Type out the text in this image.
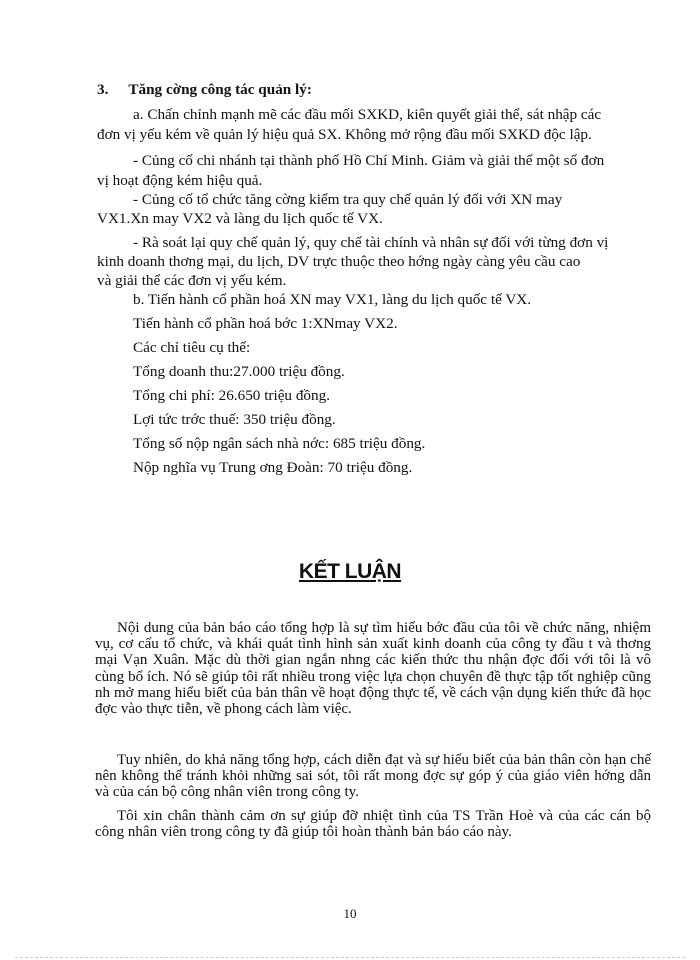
3. Tăng cờng công tác quản lý:
a. Chấn chỉnh mạnh mẽ các đầu mối SXKD, kiên quyết giải thể, sát nhập các
đơn vị yếu kém về quản lý hiệu quả SX. Không mở rộng đầu mối SXKD độc lập.
- Củng cố chi nhánh tại thành phố Hồ Chí Minh. Giảm và giải thể một số đơn
vị hoạt động kém hiệu quả.
- Củng cố tổ chức tăng cờng kiểm tra quy chế quản lý đối với XN may
VX1.Xn may VX2 và làng du lịch quốc tế VX.
- Rà soát lại quy chế quản lý, quy chế tài chính và nhân sự đối với từng đơn vị
kinh doanh thơng mại, du lịch, DV trực thuộc theo hớng ngày càng yêu cầu cao
và giải thể các đơn vị yếu kém.
b. Tiến hành cổ phần hoá XN may VX1, làng du lịch quốc tế VX.
Tiến hành cổ phần hoá bớc 1:XNmay VX2.
Các chỉ tiêu cụ thể:
Tổng doanh thu:27.000 triệu đồng.
Tổng chi phí: 26.650 triệu đồng.
Lợi tức trớc thuế: 350 triệu đồng.
Tổng số nộp ngân sách nhà nớc: 685 triệu đồng.
Nộp nghĩa vụ Trung ơng Đoàn: 70 triệu đồng.
KẾT LUẬN

Nội dung của bản báo cáo tổng hợp là sự tìm hiểu bớc đầu của tôi về chức năng, nhiệm vụ, cơ cấu tổ chức, và khái quát tình hình sản xuất kinh doanh của công ty đầu t và thơng mại Vạn Xuân. Mặc dù thời gian ngắn nhng các kiến thức thu nhận đợc đối với tôi là vô cùng bổ ích. Nó sẽ giúp tôi rất nhiều trong việc lựa chọn chuyên đề thực tập tốt nghiệp cũng nh mở mang hiểu biết của bản thân về hoạt động thực tế, về cách vận dụng kiến thức đã học đợc vào thực tiễn, về phong cách làm việc.

Tuy nhiên, do khả năng tổng hợp, cách diễn đạt và sự hiểu biết của bản thân còn hạn chế nên không thể tránh khỏi những sai sót, tôi rất mong đợc sự góp ý của giáo viên hớng dẫn và của cán bộ công nhân viên trong công ty.

Tôi xin chân thành cảm ơn sự giúp đỡ nhiệt tình của TS Trần Hoè và của các cán bộ công nhân viên trong công ty đã giúp tôi hoàn thành bản báo cáo này.

10
